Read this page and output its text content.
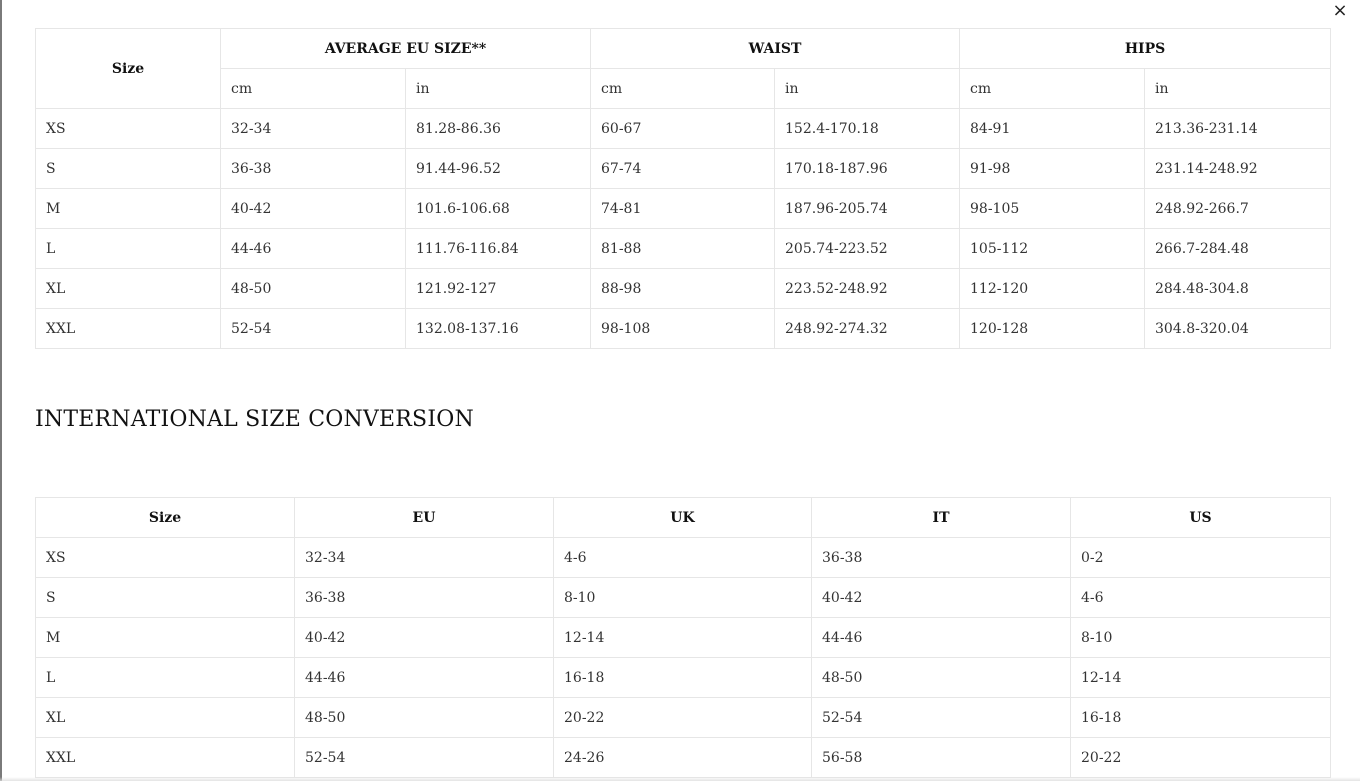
×
Size	AVERAGE EU SIZE**		WAIST		HIPS	
	cm	in	cm	in	cm	in
XS	32-34	81.28-86.36	60-67	152.4-170.18	84-91	213.36-231.14
S	36-38	91.44-96.52	67-74	170.18-187.96	91-98	231.14-248.92
M	40-42	101.6-106.68	74-81	187.96-205.74	98-105	248.92-266.7
L	44-46	111.76-116.84	81-88	205.74-223.52	105-112	266.7-284.48
XL	48-50	121.92-127	88-98	223.52-248.92	112-120	284.48-304.8
XXL	52-54	132.08-137.16	98-108	248.92-274.32	120-128	304.8-320.04
INTERNATIONAL SIZE CONVERSION
Size	EU	UK	IT	US
XS	32-34	4-6	36-38	0-2
S	36-38	8-10	40-42	4-6
M	40-42	12-14	44-46	8-10
L	44-46	16-18	48-50	12-14
XL	48-50	20-22	52-54	16-18
XXL	52-54	24-26	56-58	20-22
